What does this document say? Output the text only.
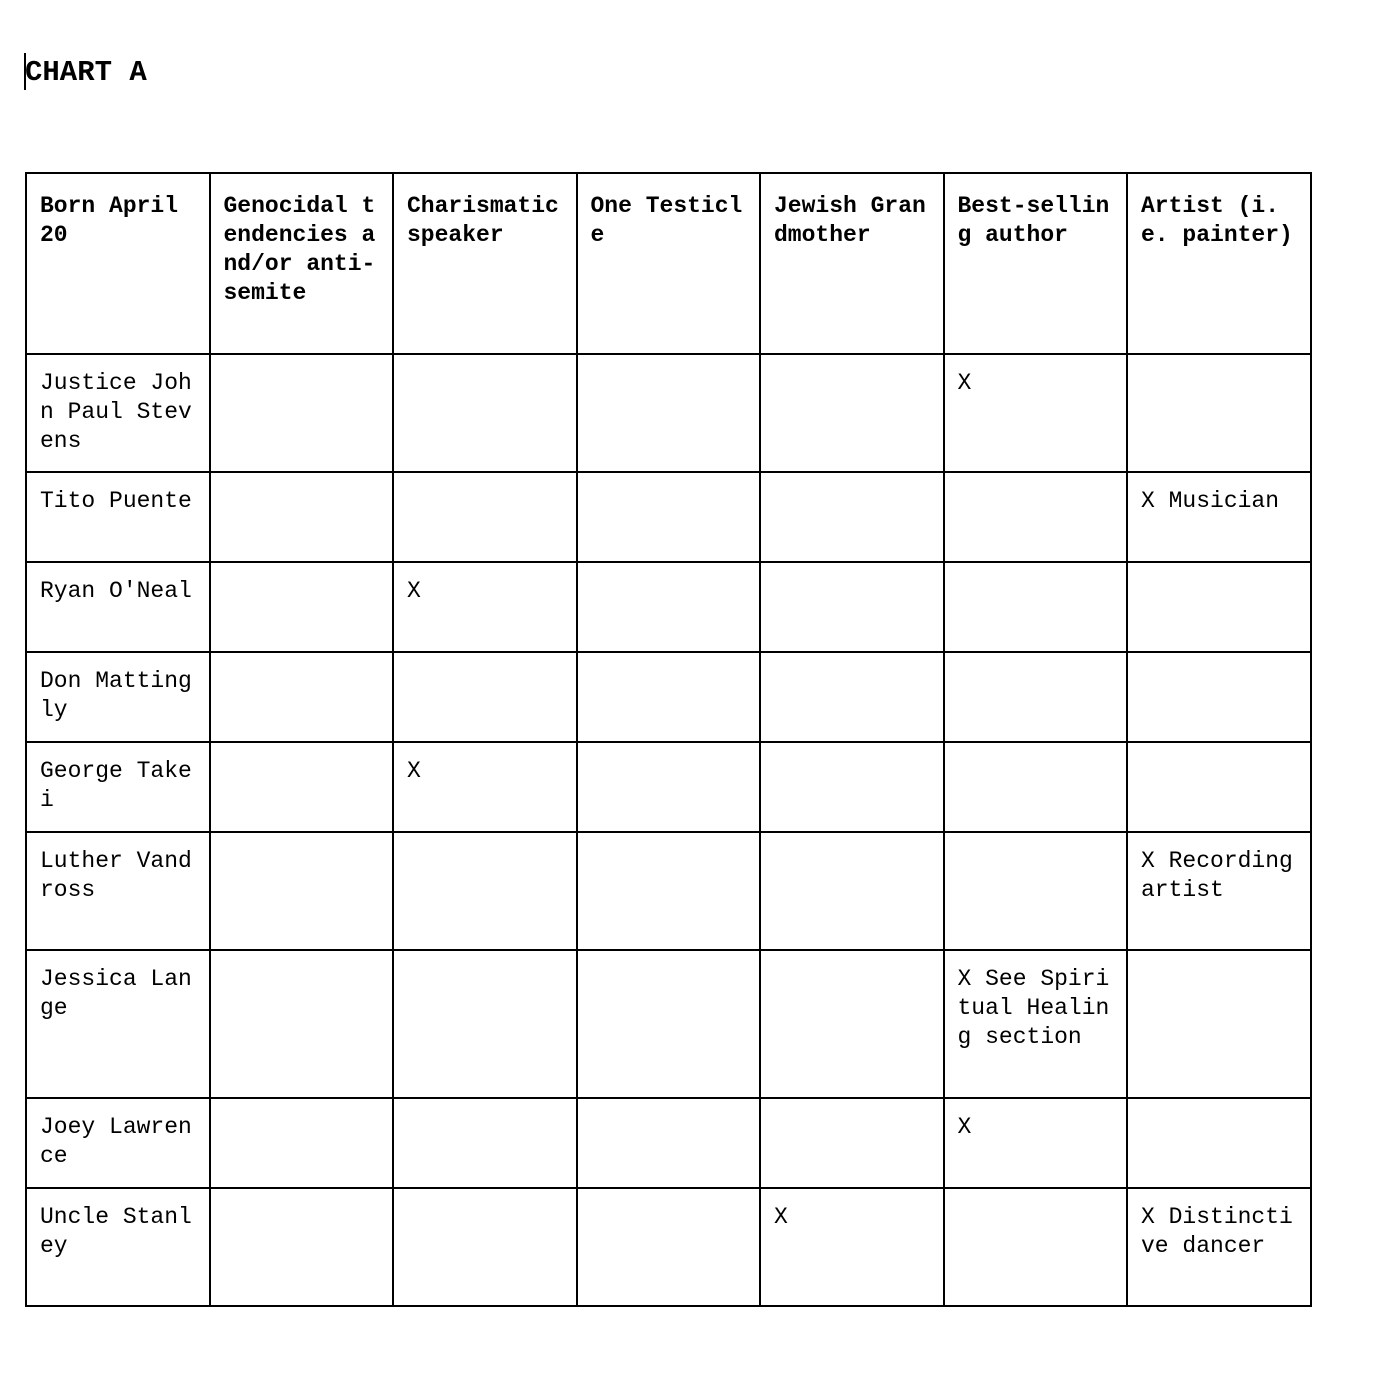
CHART A
Born April 20	Genocidal tendencies and/or anti-semite	Charismatic speaker	One Testicle	Jewish Grandmother	Best-selling author	Artist (i.e. painter)
Justice John Paul Stevens					X	
Tito Puente						X Musician
Ryan O'Neal		X				
Don Mattingly						
George Takei		X				
Luther Vandross						X Recording artist
Jessica Lange					X See Spiritual Healing section	
Joey Lawrence					X	
Uncle Stanley				X		X Distinctive dancer
